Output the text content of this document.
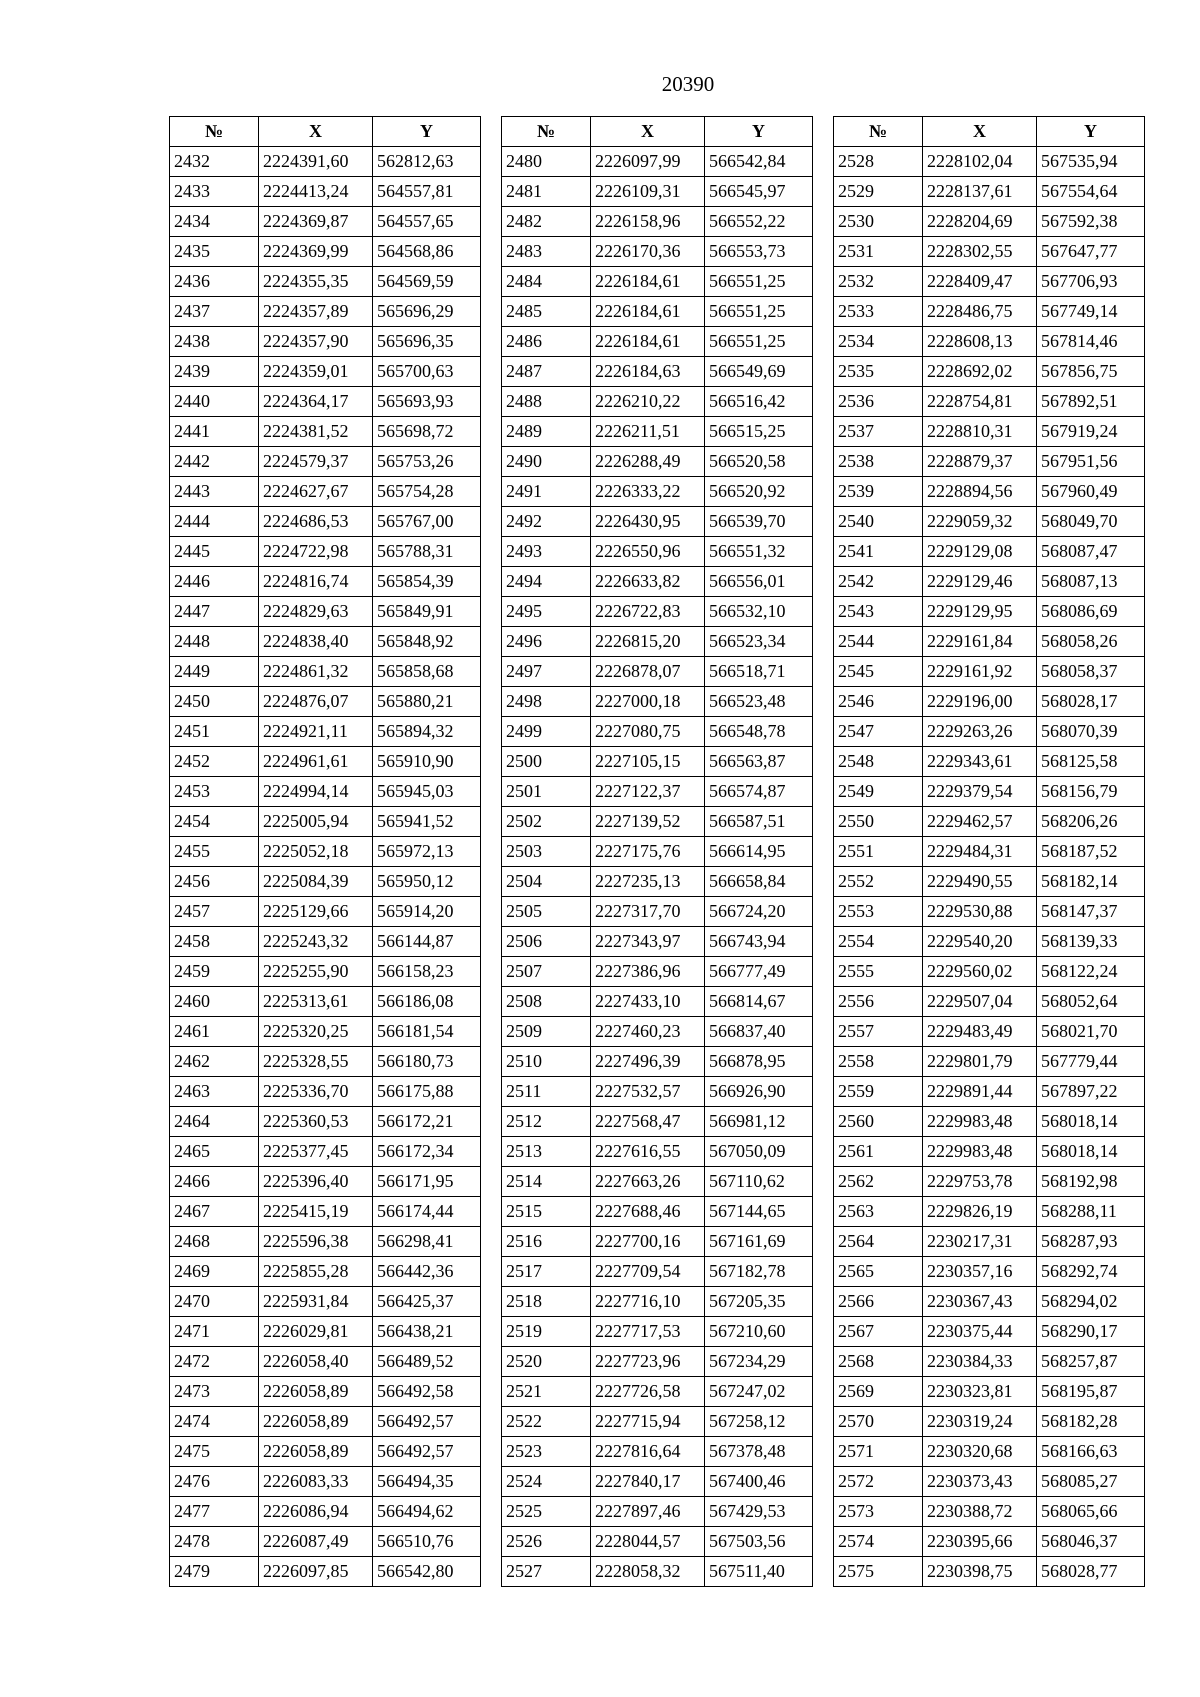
20390
№	X	Y
2432	2224391,60	562812,63
2433	2224413,24	564557,81
2434	2224369,87	564557,65
2435	2224369,99	564568,86
2436	2224355,35	564569,59
2437	2224357,89	565696,29
2438	2224357,90	565696,35
2439	2224359,01	565700,63
2440	2224364,17	565693,93
2441	2224381,52	565698,72
2442	2224579,37	565753,26
2443	2224627,67	565754,28
2444	2224686,53	565767,00
2445	2224722,98	565788,31
2446	2224816,74	565854,39
2447	2224829,63	565849,91
2448	2224838,40	565848,92
2449	2224861,32	565858,68
2450	2224876,07	565880,21
2451	2224921,11	565894,32
2452	2224961,61	565910,90
2453	2224994,14	565945,03
2454	2225005,94	565941,52
2455	2225052,18	565972,13
2456	2225084,39	565950,12
2457	2225129,66	565914,20
2458	2225243,32	566144,87
2459	2225255,90	566158,23
2460	2225313,61	566186,08
2461	2225320,25	566181,54
2462	2225328,55	566180,73
2463	2225336,70	566175,88
2464	2225360,53	566172,21
2465	2225377,45	566172,34
2466	2225396,40	566171,95
2467	2225415,19	566174,44
2468	2225596,38	566298,41
2469	2225855,28	566442,36
2470	2225931,84	566425,37
2471	2226029,81	566438,21
2472	2226058,40	566489,52
2473	2226058,89	566492,58
2474	2226058,89	566492,57
2475	2226058,89	566492,57
2476	2226083,33	566494,35
2477	2226086,94	566494,62
2478	2226087,49	566510,76
2479	2226097,85	566542,80
№	X	Y
2480	2226097,99	566542,84
2481	2226109,31	566545,97
2482	2226158,96	566552,22
2483	2226170,36	566553,73
2484	2226184,61	566551,25
2485	2226184,61	566551,25
2486	2226184,61	566551,25
2487	2226184,63	566549,69
2488	2226210,22	566516,42
2489	2226211,51	566515,25
2490	2226288,49	566520,58
2491	2226333,22	566520,92
2492	2226430,95	566539,70
2493	2226550,96	566551,32
2494	2226633,82	566556,01
2495	2226722,83	566532,10
2496	2226815,20	566523,34
2497	2226878,07	566518,71
2498	2227000,18	566523,48
2499	2227080,75	566548,78
2500	2227105,15	566563,87
2501	2227122,37	566574,87
2502	2227139,52	566587,51
2503	2227175,76	566614,95
2504	2227235,13	566658,84
2505	2227317,70	566724,20
2506	2227343,97	566743,94
2507	2227386,96	566777,49
2508	2227433,10	566814,67
2509	2227460,23	566837,40
2510	2227496,39	566878,95
2511	2227532,57	566926,90
2512	2227568,47	566981,12
2513	2227616,55	567050,09
2514	2227663,26	567110,62
2515	2227688,46	567144,65
2516	2227700,16	567161,69
2517	2227709,54	567182,78
2518	2227716,10	567205,35
2519	2227717,53	567210,60
2520	2227723,96	567234,29
2521	2227726,58	567247,02
2522	2227715,94	567258,12
2523	2227816,64	567378,48
2524	2227840,17	567400,46
2525	2227897,46	567429,53
2526	2228044,57	567503,56
2527	2228058,32	567511,40
№	X	Y
2528	2228102,04	567535,94
2529	2228137,61	567554,64
2530	2228204,69	567592,38
2531	2228302,55	567647,77
2532	2228409,47	567706,93
2533	2228486,75	567749,14
2534	2228608,13	567814,46
2535	2228692,02	567856,75
2536	2228754,81	567892,51
2537	2228810,31	567919,24
2538	2228879,37	567951,56
2539	2228894,56	567960,49
2540	2229059,32	568049,70
2541	2229129,08	568087,47
2542	2229129,46	568087,13
2543	2229129,95	568086,69
2544	2229161,84	568058,26
2545	2229161,92	568058,37
2546	2229196,00	568028,17
2547	2229263,26	568070,39
2548	2229343,61	568125,58
2549	2229379,54	568156,79
2550	2229462,57	568206,26
2551	2229484,31	568187,52
2552	2229490,55	568182,14
2553	2229530,88	568147,37
2554	2229540,20	568139,33
2555	2229560,02	568122,24
2556	2229507,04	568052,64
2557	2229483,49	568021,70
2558	2229801,79	567779,44
2559	2229891,44	567897,22
2560	2229983,48	568018,14
2561	2229983,48	568018,14
2562	2229753,78	568192,98
2563	2229826,19	568288,11
2564	2230217,31	568287,93
2565	2230357,16	568292,74
2566	2230367,43	568294,02
2567	2230375,44	568290,17
2568	2230384,33	568257,87
2569	2230323,81	568195,87
2570	2230319,24	568182,28
2571	2230320,68	568166,63
2572	2230373,43	568085,27
2573	2230388,72	568065,66
2574	2230395,66	568046,37
2575	2230398,75	568028,77
